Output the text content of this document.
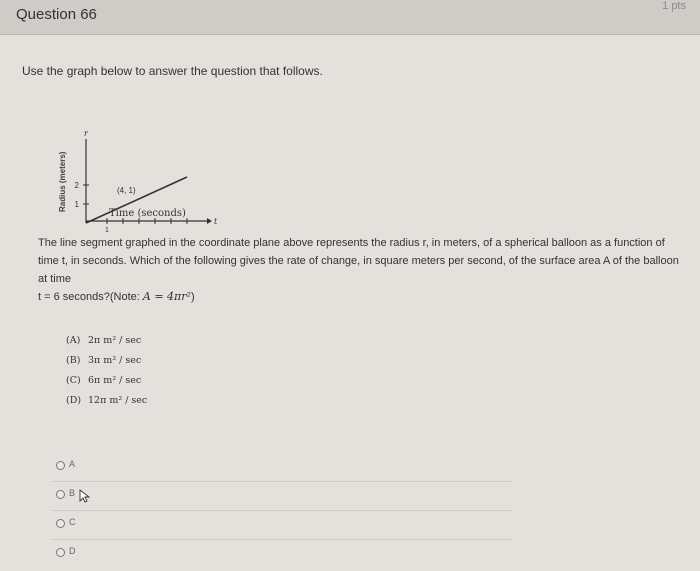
Question 66	1 pts
Use the graph below to answer the question that follows.
r
t
2
1
1
(4, 1)
Radius (meters)
Time (seconds)
The line segment graphed in the coordinate plane above represents the radius r, in meters, of a spherical balloon as a function of time t, in seconds. Which of the following gives the rate of change, in square meters per second, of the surface area A of the balloon at time
t = 6 seconds?(Note: A = 4πr²)
(A) 2π m² / sec
(B) 3π m² / sec
(C) 6π m² / sec
(D) 12π m² / sec
A
B
C
D
